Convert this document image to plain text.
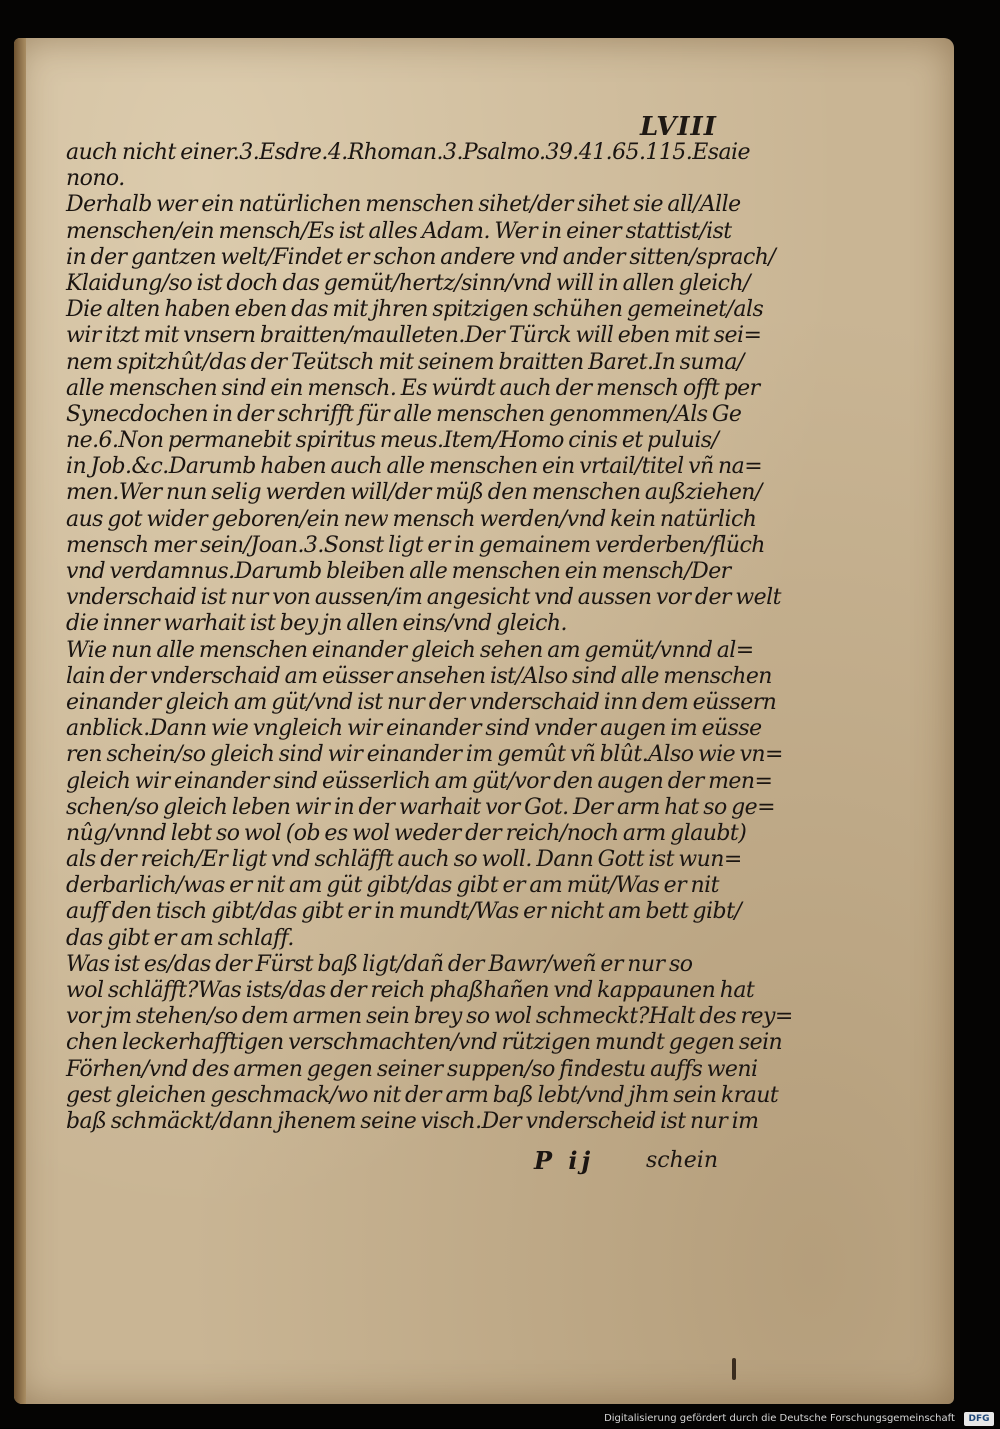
LVIII
auch nicht einer.3.Esdre.4.Rhoman.3.Psalmo.39.41.65.115.Esaie
nono.
Derhalb wer ein natürlichen menschen sihet/der sihet sie all/Alle
menschen/ein mensch/Es ist alles Adam. Wer in einer stattist/ist
in der gantzen welt/Findet er schon andere vnd ander sitten/sprach/
Klaidung/so ist doch das gemüt/hertz/sinn/vnd will in allen gleich/
Die alten haben eben das mit jhren spitzigen schühen gemeinet/als
wir itzt mit vnsern braitten/maulleten.Der Türck will eben mit sei=
nem spitzhût/das der Teütsch mit seinem braitten Baret.In suma/
alle menschen sind ein mensch. Es würdt auch der mensch offt per
Synecdochen in der schrifft für alle menschen genommen/Als Ge
ne.6.Non permanebit spiritus meus.Item/Homo cinis et puluis/
in Job.&c.Darumb haben auch alle menschen ein vrtail/titel vñ na=
men.Wer nun selig werden will/der müß den menschen außziehen/
aus got wider geboren/ein new mensch werden/vnd kein natürlich
mensch mer sein/Joan.3.Sonst ligt er in gemainem verderben/flüch
vnd verdamnus.Darumb bleiben alle menschen ein mensch/Der
vnderschaid ist nur von aussen/im angesicht vnd aussen vor der welt
die inner warhait ist bey jn allen eins/vnd gleich.
Wie nun alle menschen einander gleich sehen am gemüt/vnnd al=
lain der vnderschaid am eüsser ansehen ist/Also sind alle menschen
einander gleich am güt/vnd ist nur der vnderschaid inn dem eüssern
anblick.Dann wie vngleich wir einander sind vnder augen im eüsse
ren schein/so gleich sind wir einander im gemût vñ blût.Also wie vn=
gleich wir einander sind eüsserlich am güt/vor den augen der men=
schen/so gleich leben wir in der warhait vor Got. Der arm hat so ge=
nûg/vnnd lebt so wol (ob es wol weder der reich/noch arm glaubt)
als der reich/Er ligt vnd schläfft auch so woll. Dann Gott ist wun=
derbarlich/was er nit am güt gibt/das gibt er am müt/Was er nit
auff den tisch gibt/das gibt er in mundt/Was er nicht am bett gibt/
das gibt er am schlaff.
Was ist es/das der Fürst baß ligt/dañ der Bawr/weñ er nur so
wol schläfft?Was ists/das der reich phaßhañen vnd kappaunen hat
vor jm stehen/so dem armen sein brey so wol schmeckt?Halt des rey=
chen leckerhafftigen verschmachten/vnd rützigen mundt gegen sein
Förhen/vnd des armen gegen seiner suppen/so findestu auffs weni
gest gleichen geschmack/wo nit der arm baß lebt/vnd jhm sein kraut
baß schmäckt/dann jhenem seine visch.Der vnderscheid ist nur im
P ij schein
Digitalisierung gefördert durch die Deutsche Forschungsgemeinschaft DFG
